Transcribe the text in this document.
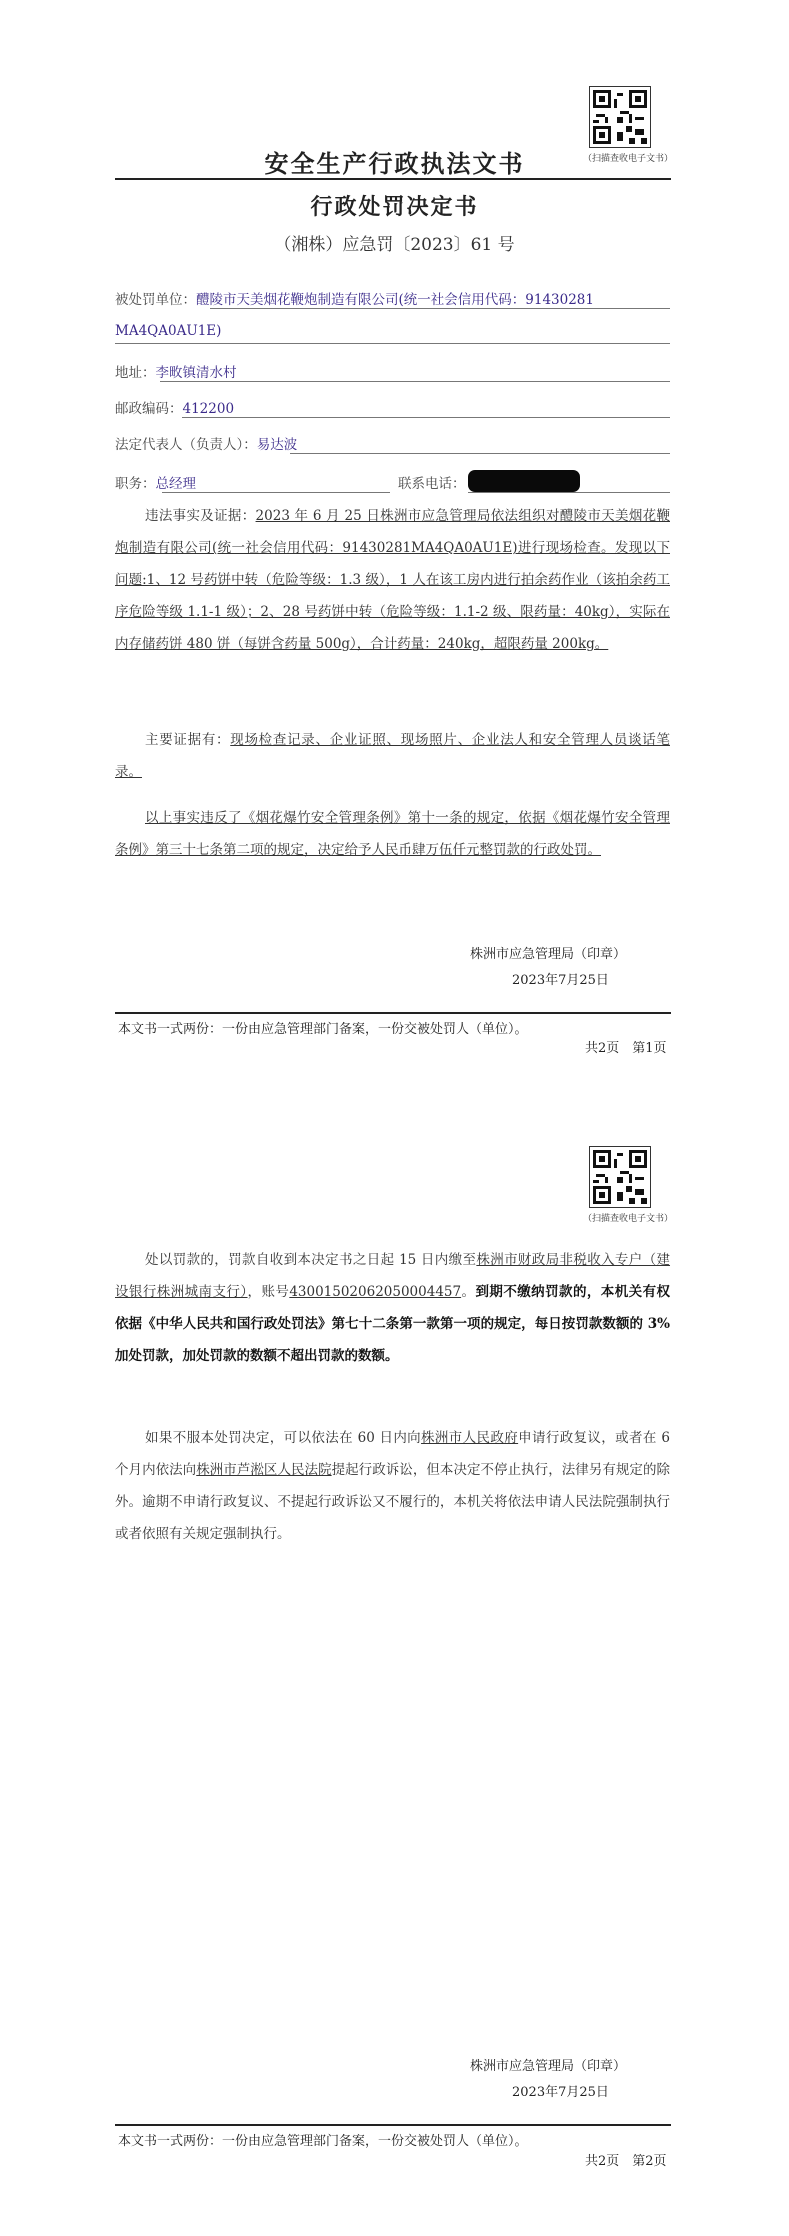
（扫描查收电子文书）
安全生产行政执法文书
行政处罚决定书
（湘株）应急罚〔2023〕61 号
被处罚单位：醴陵市天美烟花鞭炮制造有限公司(统一社会信用代码：91430281
MA4QA0AU1E)
地址：李畋镇清水村
邮政编码：412200
法定代表人（负责人）：易达波
职务：总经理	联系电话：
违法事实及证据：2023 年 6 月 25 日株洲市应急管理局依法组织对醴陵市天美烟花鞭炮制造有限公司(统一社会信用代码：91430281MA4QA0AU1E)进行现场检查。发现以下问题:1、12 号药饼中转（危险等级：1.3 级），1 人在该工房内进行拍余药作业（该拍余药工序危险等级 1.1-1 级）；2、28 号药饼中转（危险等级：1.1-2 级、限药量：40kg），实际在内存储药饼 480 饼（每饼含药量 500g），合计药量：240kg，超限药量 200kg。
主要证据有：现场检查记录、企业证照、现场照片、企业法人和安全管理人员谈话笔录。
以上事实违反了《烟花爆竹安全管理条例》第十一条的规定，依据《烟花爆竹安全管理条例》第三十七条第二项的规定，决定给予人民币肆万伍仟元整罚款的行政处罚。
株洲市应急管理局（印章）
2023年7月25日
本文书一式两份：一份由应急管理部门备案，一份交被处罚人（单位）。
共2页　第1页
（扫描查收电子文书）
处以罚款的，罚款自收到本决定书之日起 15 日内缴至株洲市财政局非税收入专户（建设银行株洲城南支行），账号43001502062050004457。到期不缴纳罚款的，本机关有权依据《中华人民共和国行政处罚法》第七十二条第一款第一项的规定，每日按罚款数额的 3%加处罚款，加处罚款的数额不超出罚款的数额。
如果不服本处罚决定，可以依法在 60 日内向株洲市人民政府申请行政复议，或者在 6 个月内依法向株洲市芦淞区人民法院提起行政诉讼，但本决定不停止执行，法律另有规定的除外。逾期不申请行政复议、不提起行政诉讼又不履行的，本机关将依法申请人民法院强制执行或者依照有关规定强制执行。
株洲市应急管理局（印章）
2023年7月25日
本文书一式两份：一份由应急管理部门备案，一份交被处罚人（单位）。
共2页　第2页
